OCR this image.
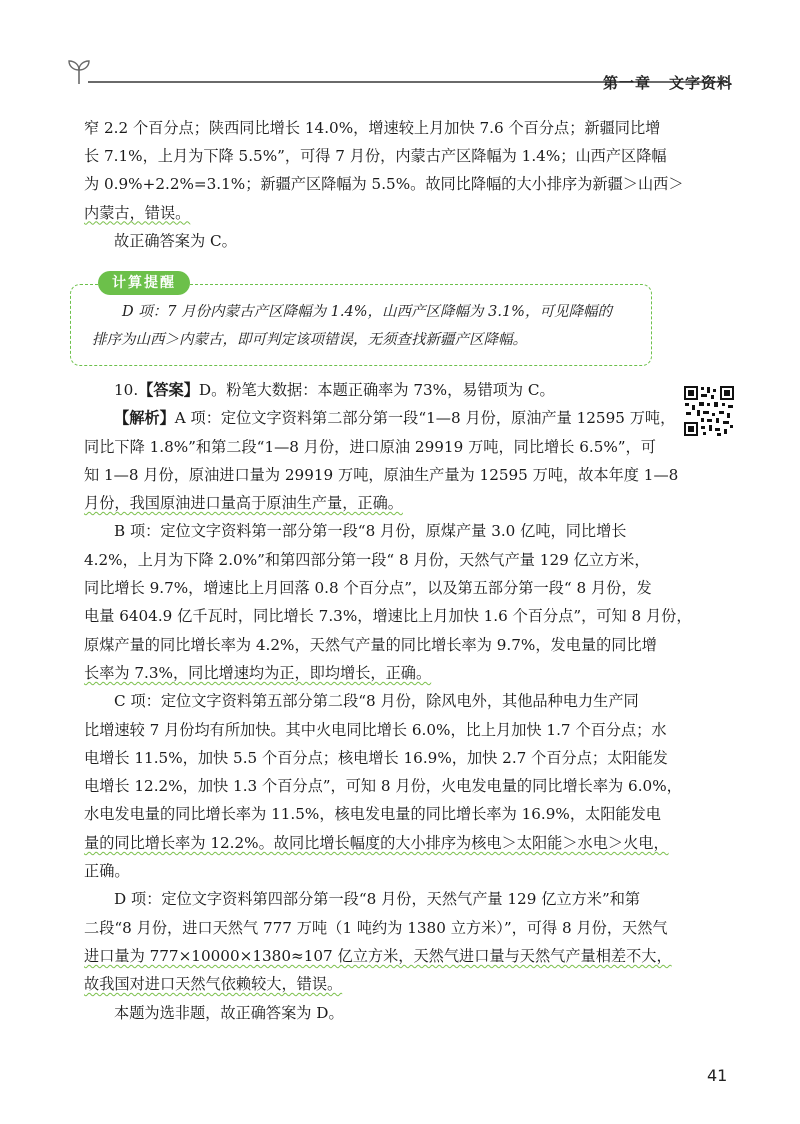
第一章 文字资料

窄 2.2 个百分点；陕西同比增长 14.0%，增速较上月加快 7.6 个百分点；新疆同比增

长 7.1%，上月为下降 5.5%”，可得 7 月份，内蒙古产区降幅为 1.4%；山西产区降幅

为 0.9%+2.2%=3.1%；新疆产区降幅为 5.5%。故同比降幅的大小排序为新疆＞山西＞

内蒙古，错误。

故正确答案为 C。

计算提醒

D 项：7 月份内蒙古产区降幅为 1.4%，山西产区降幅为 3.1%，可见降幅的

排序为山西＞内蒙古，即可判定该项错误，无须查找新疆产区降幅。

10.【答案】D。粉笔大数据：本题正确率为 73%，易错项为 C。

【解析】A 项：定位文字资料第二部分第一段“1—8 月份，原油产量 12595 万吨，

同比下降 1.8%”和第二段“1—8 月份，进口原油 29919 万吨，同比增长 6.5%”，可

知 1—8 月份，原油进口量为 29919 万吨，原油生产量为 12595 万吨，故本年度 1—8

月份，我国原油进口量高于原油生产量，正确。

B 项：定位文字资料第一部分第一段“8 月份，原煤产量 3.0 亿吨，同比增长

4.2%，上月为下降 2.0%”和第四部分第一段“ 8 月份，天然气产量 129 亿立方米，

同比增长 9.7%，增速比上月回落 0.8 个百分点”，以及第五部分第一段“ 8 月份，发

电量 6404.9 亿千瓦时，同比增长 7.3%，增速比上月加快 1.6 个百分点”，可知 8 月份，

原煤产量的同比增长率为 4.2%，天然气产量的同比增长率为 9.7%，发电量的同比增

长率为 7.3%，同比增速均为正，即均增长，正确。

C 项：定位文字资料第五部分第二段“8 月份，除风电外，其他品种电力生产同

比增速较 7 月份均有所加快。其中火电同比增长 6.0%，比上月加快 1.7 个百分点；水

电增长 11.5%，加快 5.5 个百分点；核电增长 16.9%，加快 2.7 个百分点；太阳能发

电增长 12.2%，加快 1.3 个百分点”，可知 8 月份，火电发电量的同比增长率为 6.0%，

水电发电量的同比增长率为 11.5%，核电发电量的同比增长率为 16.9%，太阳能发电

量的同比增长率为 12.2%。故同比增长幅度的大小排序为核电＞太阳能＞水电＞火电，

正确。

D 项：定位文字资料第四部分第一段“8 月份，天然气产量 129 亿立方米”和第

二段“8 月份，进口天然气 777 万吨（1 吨约为 1380 立方米）”，可得 8 月份，天然气

进口量为 777×10000×1380≈107 亿立方米，天然气进口量与天然气产量相差不大，

故我国对进口天然气依赖较大，错误。

本题为选非题，故正确答案为 D。

41
